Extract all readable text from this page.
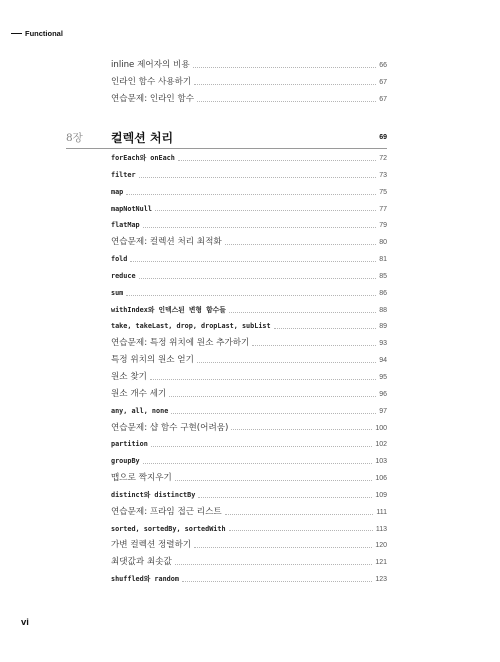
Functional
inline 제어자의 비용	66
인라인 함수 사용하기	67
연습문제: 인라인 함수	67
8장	컬렉션 처리	69
forEach와 onEach	72
filter	73
map	75
mapNotNull	77
flatMap	79
연습문제: 컬렉션 처리 최적화	80
fold	81
reduce	85
sum	86
withIndex와 인덱스된 변형 함수들	88
take, takeLast, drop, dropLast, subList	89
연습문제: 특정 위치에 원소 추가하기	93
특정 위치의 원소 얻기	94
원소 찾기	95
원소 개수 세기	96
any, all, none	97
연습문제: 샵 함수 구현(어려움)	100
partition	102
groupBy	103
맵으로 짝지우기	106
distinct와 distinctBy	109
연습문제: 프라임 접근 리스트	111
sorted, sortedBy, sortedWith	113
가변 컬렉션 정렬하기	120
최댓값과 최솟값	121
shuffled와 random	123
vi
